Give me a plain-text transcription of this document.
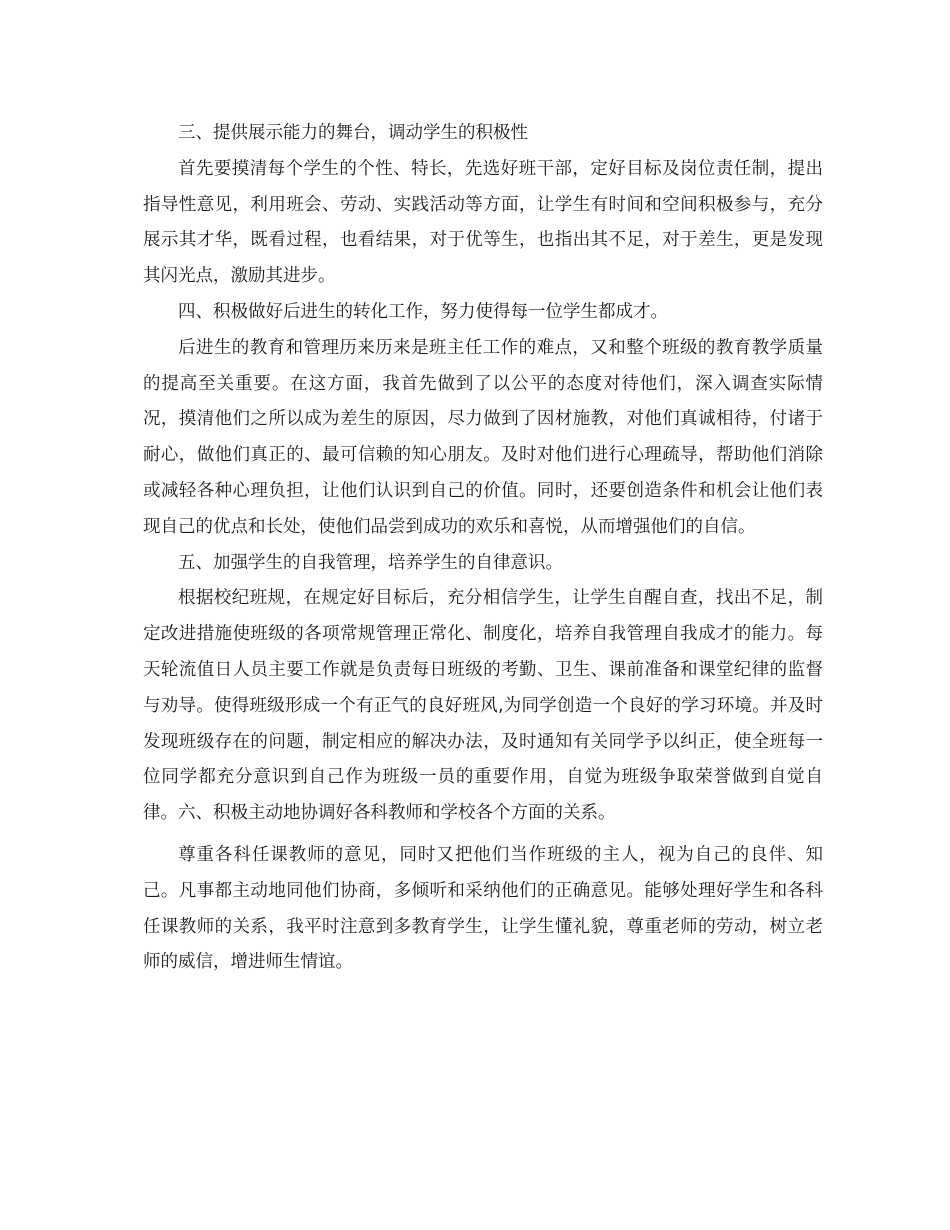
三、提供展示能力的舞台，调动学生的积极性

首先要摸清每个学生的个性、特长，先选好班干部，定好目标及岗位责任制，提出指导性意见，利用班会、劳动、实践活动等方面，让学生有时间和空间积极参与，充分展示其才华，既看过程，也看结果，对于优等生，也指出其不足，对于差生，更是发现其闪光点，激励其进步。

四、积极做好后进生的转化工作，努力使得每一位学生都成才。

后进生的教育和管理历来历来是班主任工作的难点，又和整个班级的教育教学质量的提高至关重要。在这方面，我首先做到了以公平的态度对待他们，深入调查实际情况，摸清他们之所以成为差生的原因，尽力做到了因材施教，对他们真诚相待，付诸于耐心，做他们真正的、最可信赖的知心朋友。及时对他们进行心理疏导，帮助他们消除或减轻各种心理负担，让他们认识到自己的价值。同时，还要创造条件和机会让他们表现自己的优点和长处，使他们品尝到成功的欢乐和喜悦，从而增强他们的自信。

五、加强学生的自我管理，培养学生的自律意识。

根据校纪班规，在规定好目标后，充分相信学生，让学生自醒自查，找出不足，制定改进措施使班级的各项常规管理正常化、制度化，培养自我管理自我成才的能力。每天轮流值日人员主要工作就是负责每日班级的考勤、卫生、课前准备和课堂纪律的监督与劝导。使得班级形成一个有正气的良好班风,为同学创造一个良好的学习环境。并及时发现班级存在的问题，制定相应的解决办法，及时通知有关同学予以纠正，使全班每一位同学都充分意识到自己作为班级一员的重要作用，自觉为班级争取荣誉做到自觉自律。六、积极主动地协调好各科教师和学校各个方面的关系。

尊重各科任课教师的意见，同时又把他们当作班级的主人，视为自己的良伴、知己。凡事都主动地同他们协商，多倾听和采纳他们的正确意见。能够处理好学生和各科任课教师的关系，我平时注意到多教育学生，让学生懂礼貌，尊重老师的劳动，树立老师的威信，增进师生情谊。
